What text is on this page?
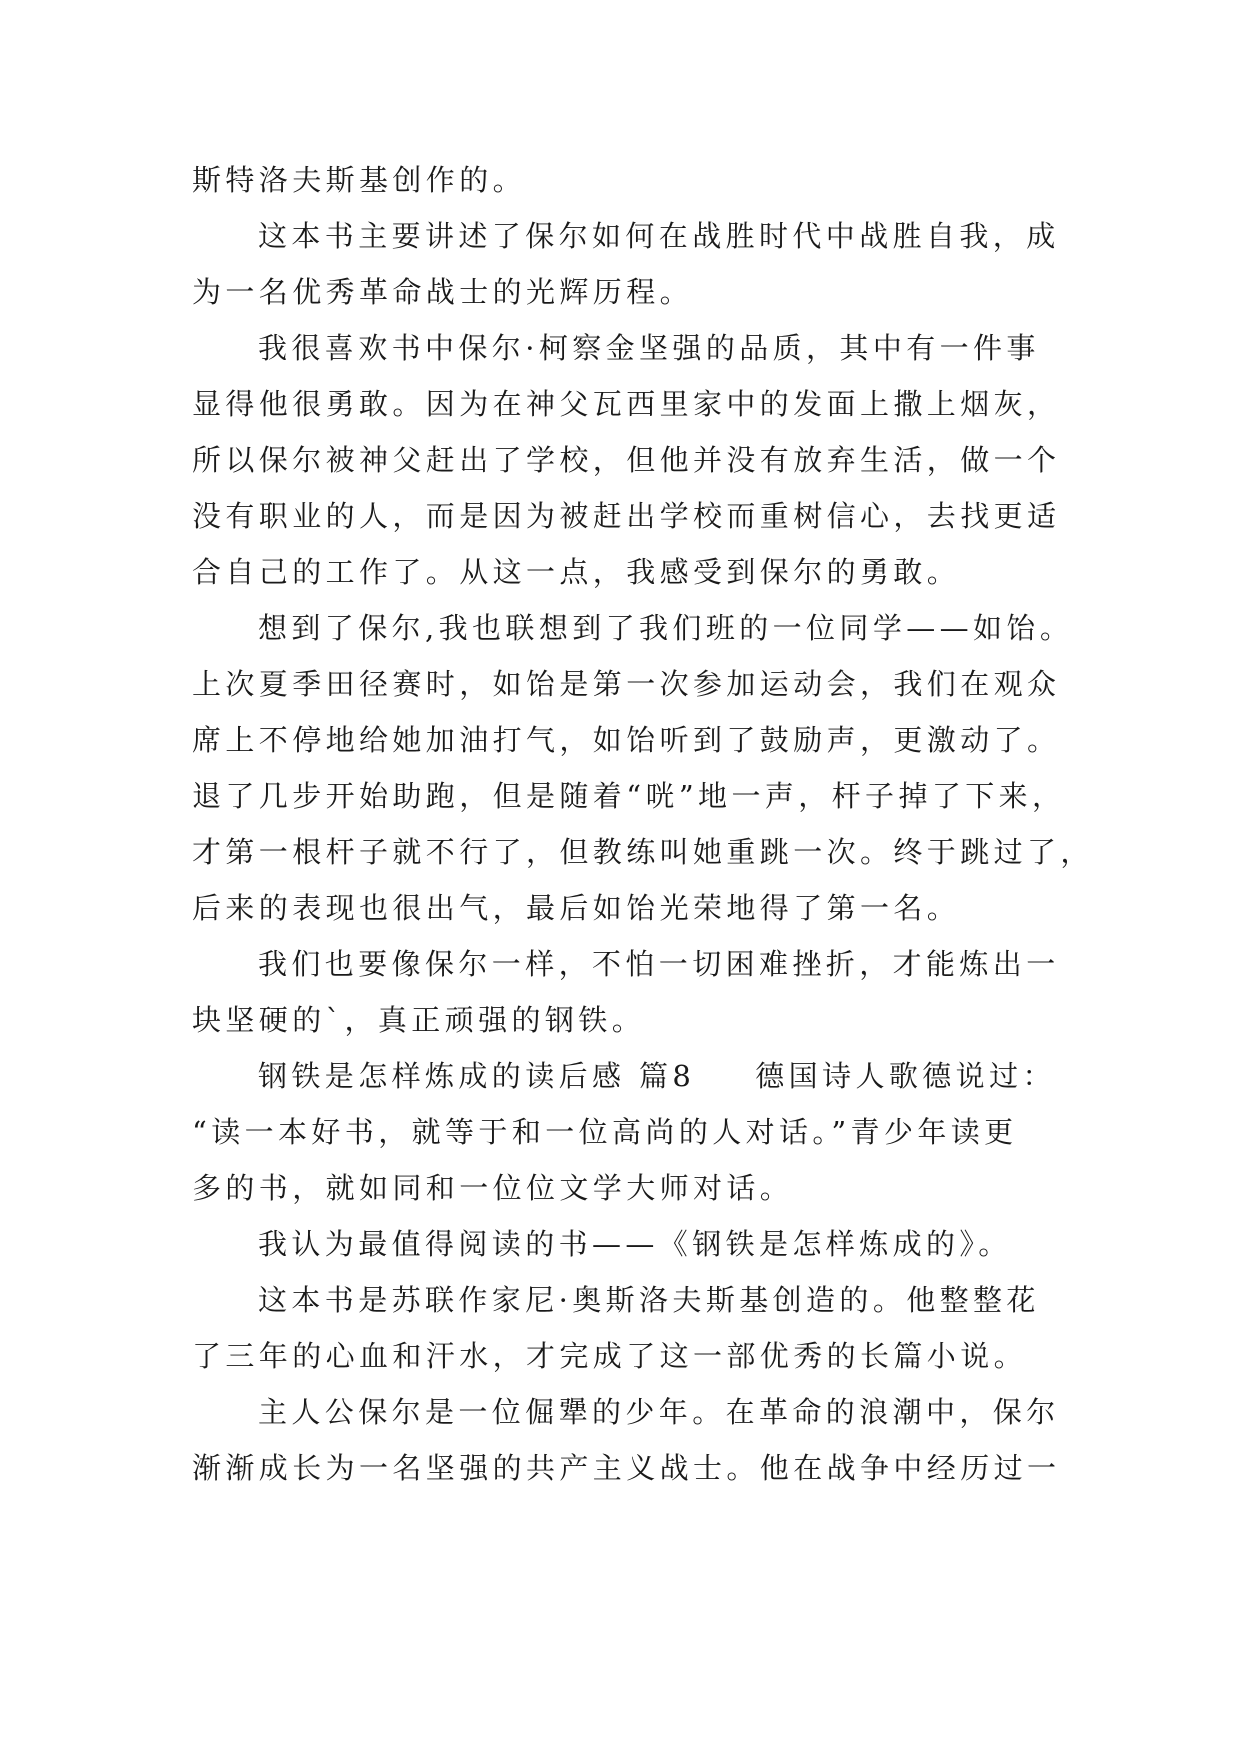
斯特洛夫斯基创作的。
这本书主要讲述了保尔如何在战胜时代中战胜自我，成
为一名优秀革命战士的光辉历程。
我很喜欢书中保尔·柯察金坚强的品质，其中有一件事
显得他很勇敢。因为在神父瓦西里家中的发面上撒上烟灰，
所以保尔被神父赶出了学校，但他并没有放弃生活，做一个
没有职业的人，而是因为被赶出学校而重树信心，去找更适
合自己的工作了。从这一点，我感受到保尔的勇敢。
想到了保尔,我也联想到了我们班的一位同学——如饴。
上次夏季田径赛时，如饴是第一次参加运动会，我们在观众
席上不停地给她加油打气，如饴听到了鼓励声，更激动了。
退了几步开始助跑，但是随着“咣”地一声，杆子掉了下来，
才第一根杆子就不行了，但教练叫她重跳一次。终于跳过了，
后来的表现也很出气，最后如饴光荣地得了第一名。
我们也要像保尔一样，不怕一切困难挫折，才能炼出一
块坚硬的`，真正顽强的钢铁。
钢铁是怎样炼成的读后感 篇8 德国诗人歌德说过：
“读一本好书，就等于和一位高尚的人对话。”青少年读更
多的书，就如同和一位位文学大师对话。
我认为最值得阅读的书——《钢铁是怎样炼成的》。
这本书是苏联作家尼·奥斯洛夫斯基创造的。他整整花
了三年的心血和汗水，才完成了这一部优秀的长篇小说。
主人公保尔是一位倔犟的少年。在革命的浪潮中，保尔
渐渐成长为一名坚强的共产主义战士。他在战争中经历过一
